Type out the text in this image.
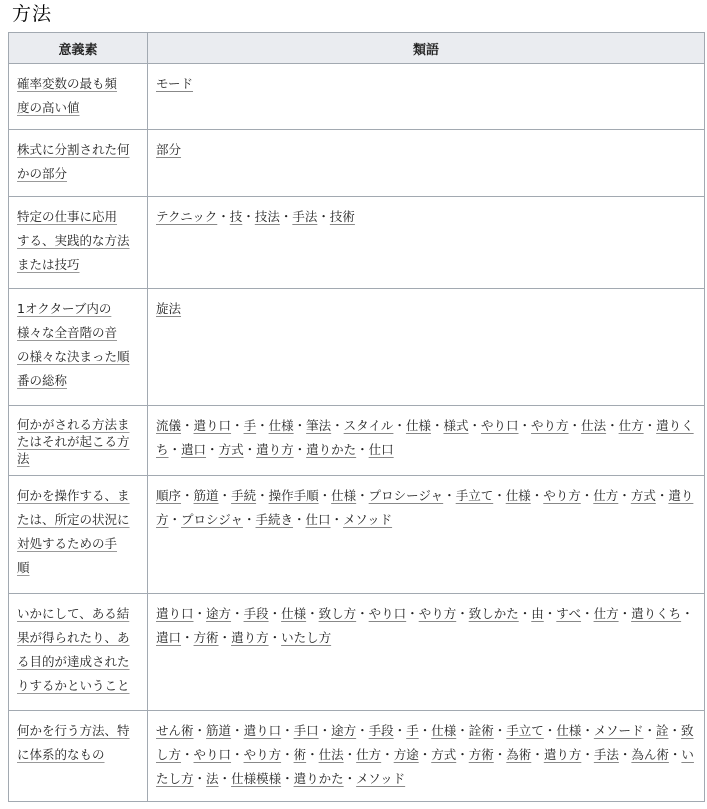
方法
意義素	類語
確率変数の最も頻
度の高い値	モード
株式に分割された何
かの部分	部分
特定の仕事に応用
する、実践的な方法
または技巧	テクニック・技・技法・手法・技術
1オクターブ内の
様々な全音階の音
の様々な決まった順
番の総称	旋法
何かがされる方法ま
たはそれが起こる方
法	流儀・遣り口・手・仕様・筆法・スタイル・仕様・様式・やり口・やり方・仕法・仕方・遣りくち・遣口・方式・遣り方・遣りかた・仕口
何かを操作する、ま
たは、所定の状況に
対処するための手
順	順序・筋道・手続・操作手順・仕様・プロシージャ・手立て・仕様・やり方・仕方・方式・遣り方・プロシジャ・手続き・仕口・メソッド
いかにして、ある結
果が得られたり、あ
る目的が達成された
りするかということ	遣り口・途方・手段・仕様・致し方・やり口・やり方・致しかた・由・すべ・仕方・遣りくち・遣口・方術・遣り方・いたし方
何かを行う方法、特
に体系的なもの	せん術・筋道・遣り口・手口・途方・手段・手・仕様・詮術・手立て・仕様・メソード・詮・致し方・やり口・やり方・術・仕法・仕方・方途・方式・方術・為術・遣り方・手法・為ん術・いたし方・法・仕様模様・遣りかた・メソッド
